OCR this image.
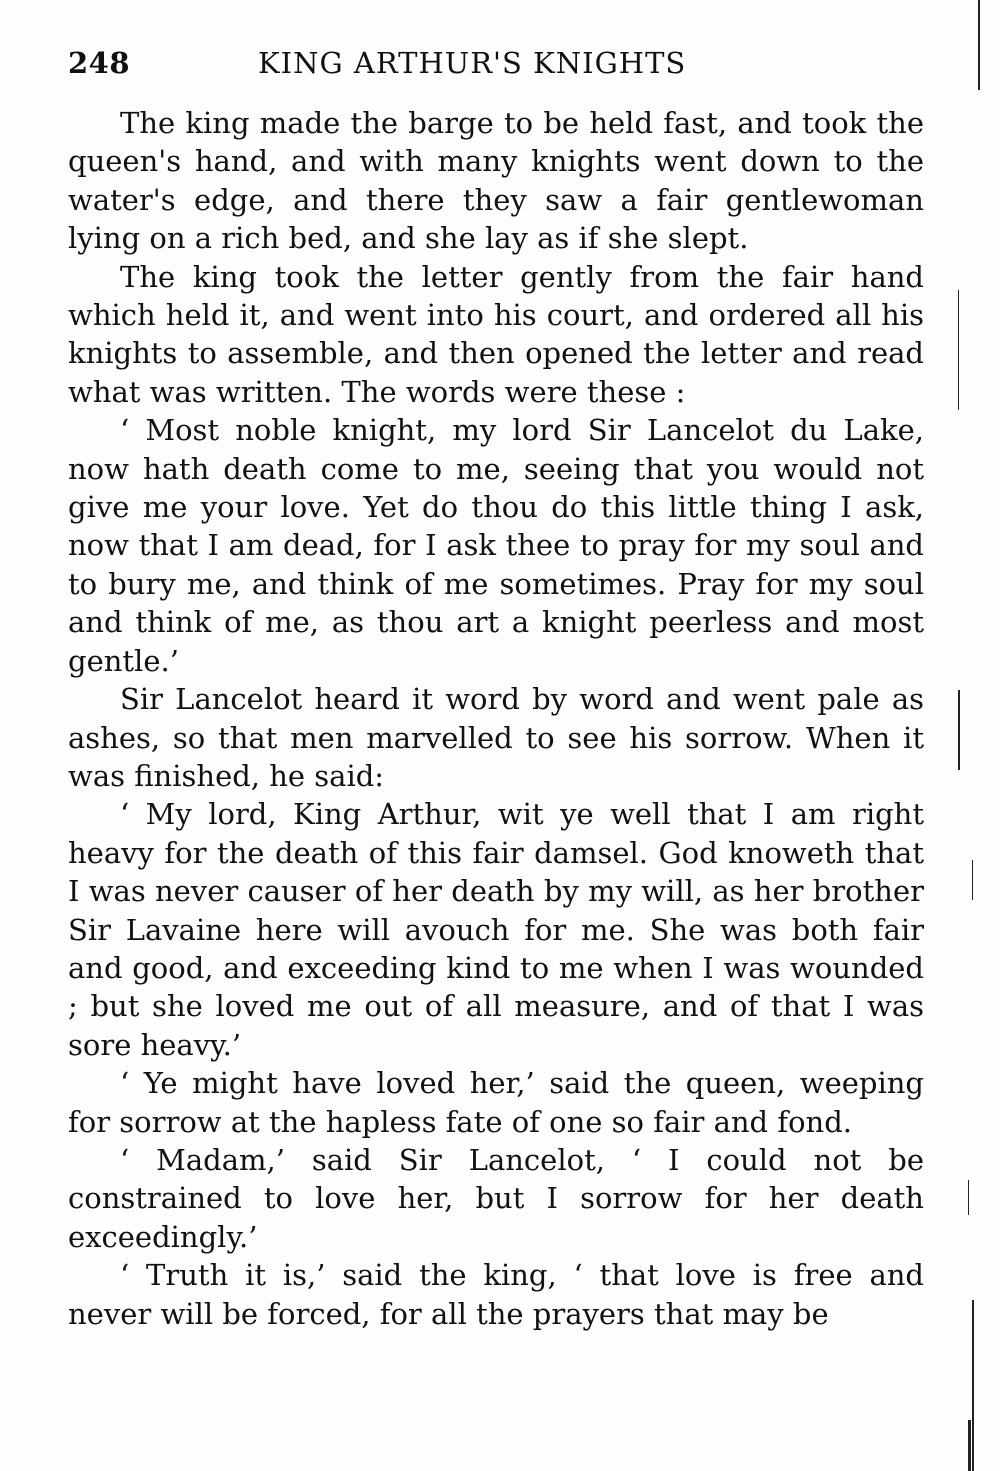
248	KING ARTHUR'S KNIGHTS

The king made the barge to be held fast, and took the queen's hand, and with many knights went down to the water's edge, and there they saw a fair gentlewoman lying on a rich bed, and she lay as if she slept.

The king took the letter gently from the fair hand which held it, and went into his court, and ordered all his knights to assemble, and then opened the letter and read what was written. The words were these :

‘ Most noble knight, my lord Sir Lancelot du Lake, now hath death come to me, seeing that you would not give me your love. Yet do thou do this little thing I ask, now that I am dead, for I ask thee to pray for my soul and to bury me, and think of me sometimes. Pray for my soul and think of me, as thou art a knight peerless and most gentle.’

Sir Lancelot heard it word by word and went pale as ashes, so that men marvelled to see his sorrow. When it was finished, he said:

‘ My lord, King Arthur, wit ye well that I am right heavy for the death of this fair damsel. God knoweth that I was never causer of her death by my will, as her brother Sir Lavaine here will avouch for me. She was both fair and good, and exceeding kind to me when I was wounded ; but she loved me out of all measure, and of that I was sore heavy.’

‘ Ye might have loved her,’ said the queen, weeping for sorrow at the hapless fate of one so fair and fond.

‘ Madam,’ said Sir Lancelot, ‘ I could not be constrained to love her, but I sorrow for her death exceedingly.’

‘ Truth it is,’ said the king, ‘ that love is free and never will be forced, for all the prayers that may be
